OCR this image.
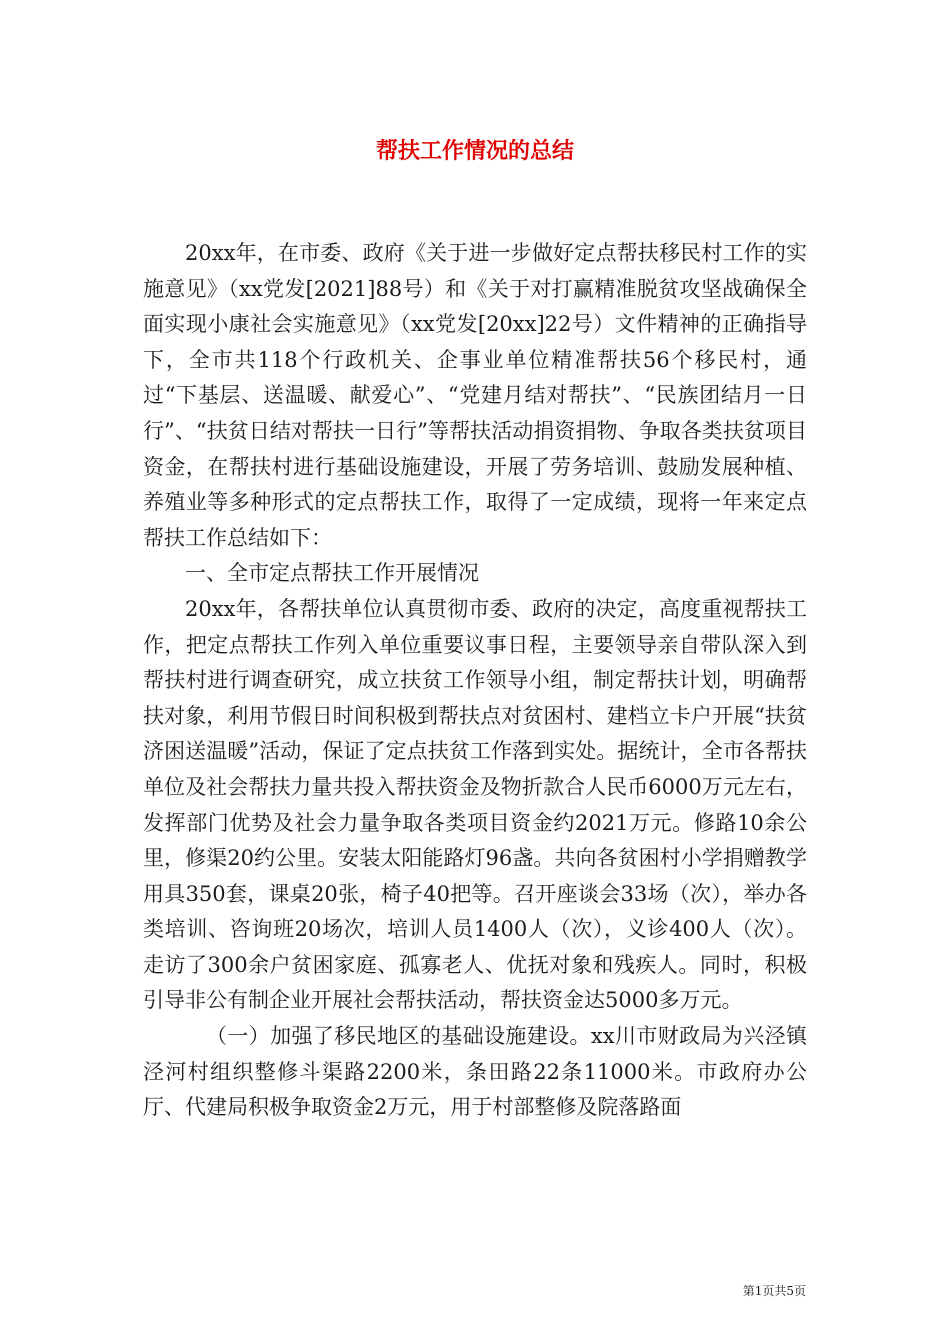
帮扶工作情况的总结

20xx年，在市委、政府《关于进一步做好定点帮扶移民村工作的实施意见》（xx党发[2021]88号）和《关于对打赢精准脱贫攻坚战确保全面实现小康社会实施意见》（xx党发[20xx]22号）文件精神的正确指导下，全市共118个行政机关、企事业单位精准帮扶56个移民村，通过“下基层、送温暖、献爱心”、“党建月结对帮扶”、“民族团结月一日行”、“扶贫日结对帮扶一日行”等帮扶活动捐资捐物、争取各类扶贫项目资金，在帮扶村进行基础设施建设，开展了劳务培训、鼓励发展种植、养殖业等多种形式的定点帮扶工作，取得了一定成绩，现将一年来定点帮扶工作总结如下：

一、全市定点帮扶工作开展情况

20xx年，各帮扶单位认真贯彻市委、政府的决定，高度重视帮扶工作，把定点帮扶工作列入单位重要议事日程，主要领导亲自带队深入到帮扶村进行调查研究，成立扶贫工作领导小组，制定帮扶计划，明确帮扶对象，利用节假日时间积极到帮扶点对贫困村、建档立卡户开展“扶贫济困送温暖”活动，保证了定点扶贫工作落到实处。据统计，全市各帮扶单位及社会帮扶力量共投入帮扶资金及物折款合人民币6000万元左右，发挥部门优势及社会力量争取各类项目资金约2021万元。修路10余公里，修渠20约公里。安装太阳能路灯96盏。共向各贫困村小学捐赠教学用具350套，课桌20张，椅子40把等。召开座谈会33场（次），举办各类培训、咨询班20场次，培训人员1400人（次），义诊400人（次）。走访了300余户贫困家庭、孤寡老人、优抚对象和残疾人。同时，积极引导非公有制企业开展社会帮扶活动，帮扶资金达5000多万元。

（一）加强了移民地区的基础设施建设。xx川市财政局为兴泾镇泾河村组织整修斗渠路2200米，条田路22条11000米。市政府办公厅、代建局积极争取资金2万元，用于村部整修及院落路面

第1页共5页
